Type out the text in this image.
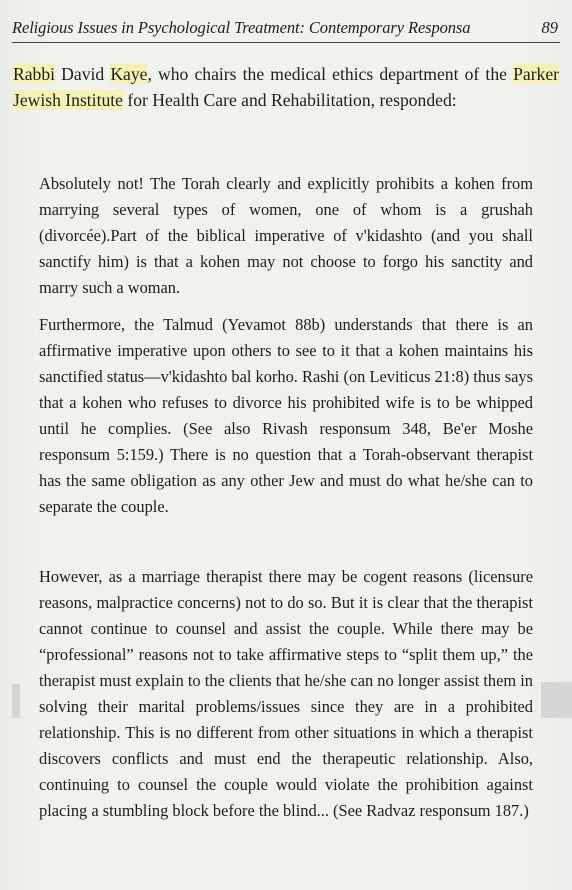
Religious Issues in Psychological Treatment: Contemporary Responsa	89

Rabbi David Kaye, who chairs the medical ethics department of the Parker Jewish Institute for Health Care and Rehabilitation, responded:

Absolutely not! The Torah clearly and explicitly prohibits a kohen from marrying several types of women, one of whom is a grushah (divorcée).Part of the biblical imperative of v'kidashto (and you shall sanctify him) is that a kohen may not choose to forgo his sanctity and marry such a woman.

Furthermore, the Talmud (Yevamot 88b) understands that there is an affirmative imperative upon others to see to it that a kohen maintains his sanctified status—v'kidashto bal korho. Rashi (on Leviticus 21:8) thus says that a kohen who refuses to divorce his prohibited wife is to be whipped until he complies. (See also Rivash responsum 348, Be'er Moshe responsum 5:159.) There is no question that a Torah-observant therapist has the same obligation as any other Jew and must do what he/she can to separate the couple.

However, as a marriage therapist there may be cogent reasons (licensure reasons, malpractice concerns) not to do so. But it is clear that the therapist cannot continue to counsel and assist the couple. While there may be “professional” reasons not to take affirmative steps to “split them up,” the therapist must explain to the clients that he/she can no longer assist them in solving their marital problems/issues since they are in a prohibited relationship. This is no different from other situations in which a therapist discovers conflicts and must end the therapeutic relationship. Also, continuing to counsel the couple would violate the prohibition against placing a stumbling block before the blind... (See Radvaz responsum 187.)
